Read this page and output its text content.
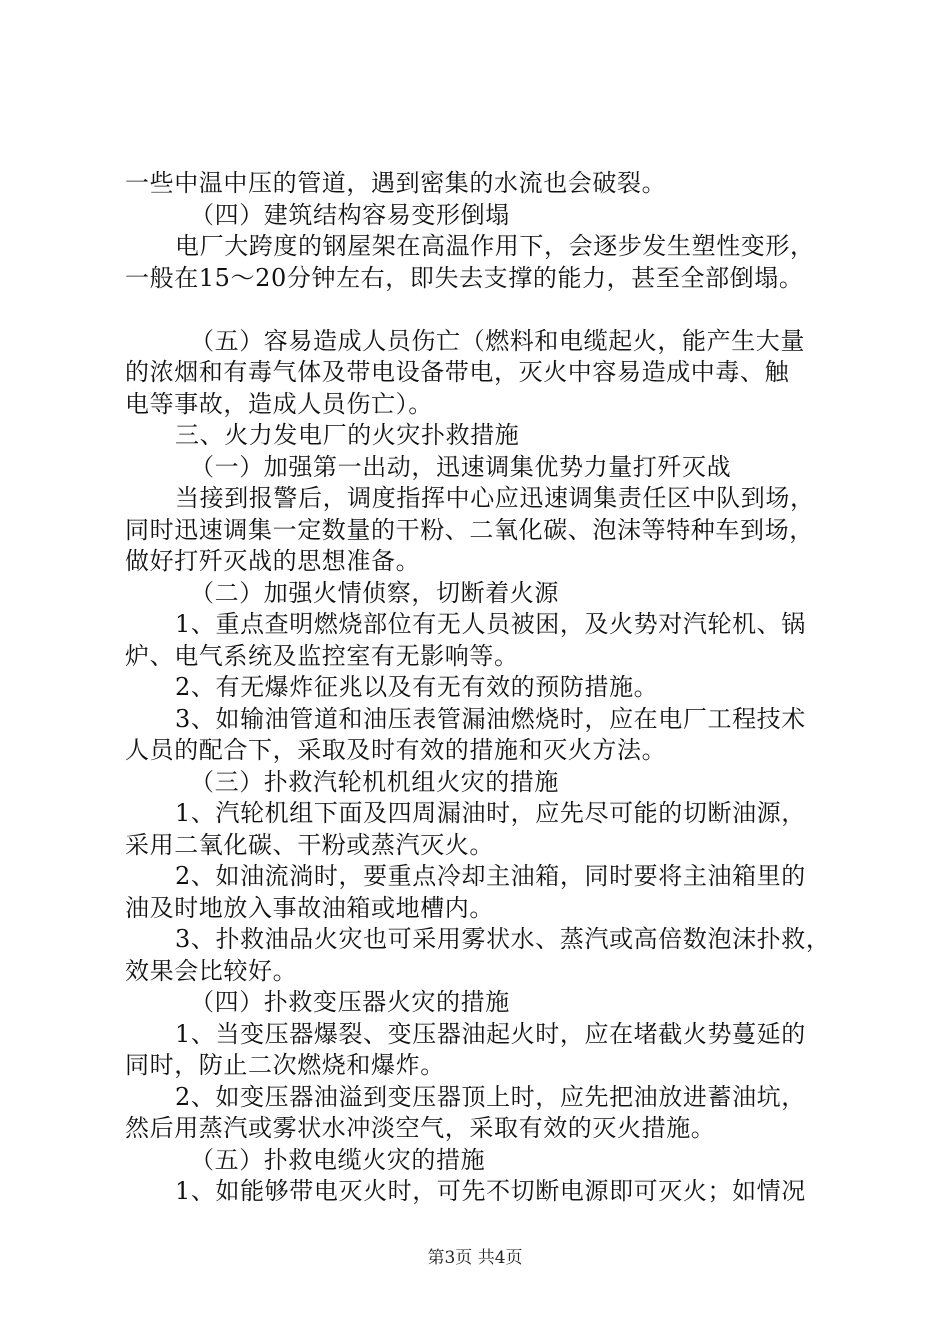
一些中温中压的管道，遇到密集的水流也会破裂。
（四）建筑结构容易变形倒塌
电厂大跨度的钢屋架在高温作用下，会逐步发生塑性变形，
一般在15～20分钟左右，即失去支撑的能力，甚至全部倒塌。
（五）容易造成人员伤亡（燃料和电缆起火，能产生大量
的浓烟和有毒气体及带电设备带电，灭火中容易造成中毒、触
电等事故，造成人员伤亡）。
三、火力发电厂的火灾扑救措施
（一）加强第一出动，迅速调集优势力量打歼灭战
当接到报警后，调度指挥中心应迅速调集责任区中队到场，
同时迅速调集一定数量的干粉、二氧化碳、泡沫等特种车到场，
做好打歼灭战的思想准备。
（二）加强火情侦察，切断着火源
1、重点查明燃烧部位有无人员被困，及火势对汽轮机、锅
炉、电气系统及监控室有无影响等。
2、有无爆炸征兆以及有无有效的预防措施。
3、如输油管道和油压表管漏油燃烧时，应在电厂工程技术
人员的配合下，采取及时有效的措施和灭火方法。
（三）扑救汽轮机机组火灾的措施
1、汽轮机组下面及四周漏油时，应先尽可能的切断油源，
采用二氧化碳、干粉或蒸汽灭火。
2、如油流淌时，要重点冷却主油箱，同时要将主油箱里的
油及时地放入事故油箱或地槽内。
3、扑救油品火灾也可采用雾状水、蒸汽或高倍数泡沫扑救，
效果会比较好。
（四）扑救变压器火灾的措施
1、当变压器爆裂、变压器油起火时，应在堵截火势蔓延的
同时，防止二次燃烧和爆炸。
2、如变压器油溢到变压器顶上时，应先把油放进蓄油坑，
然后用蒸汽或雾状水冲淡空气，采取有效的灭火措施。
（五）扑救电缆火灾的措施
1、如能够带电灭火时，可先不切断电源即可灭火；如情况
第3页 共4页
